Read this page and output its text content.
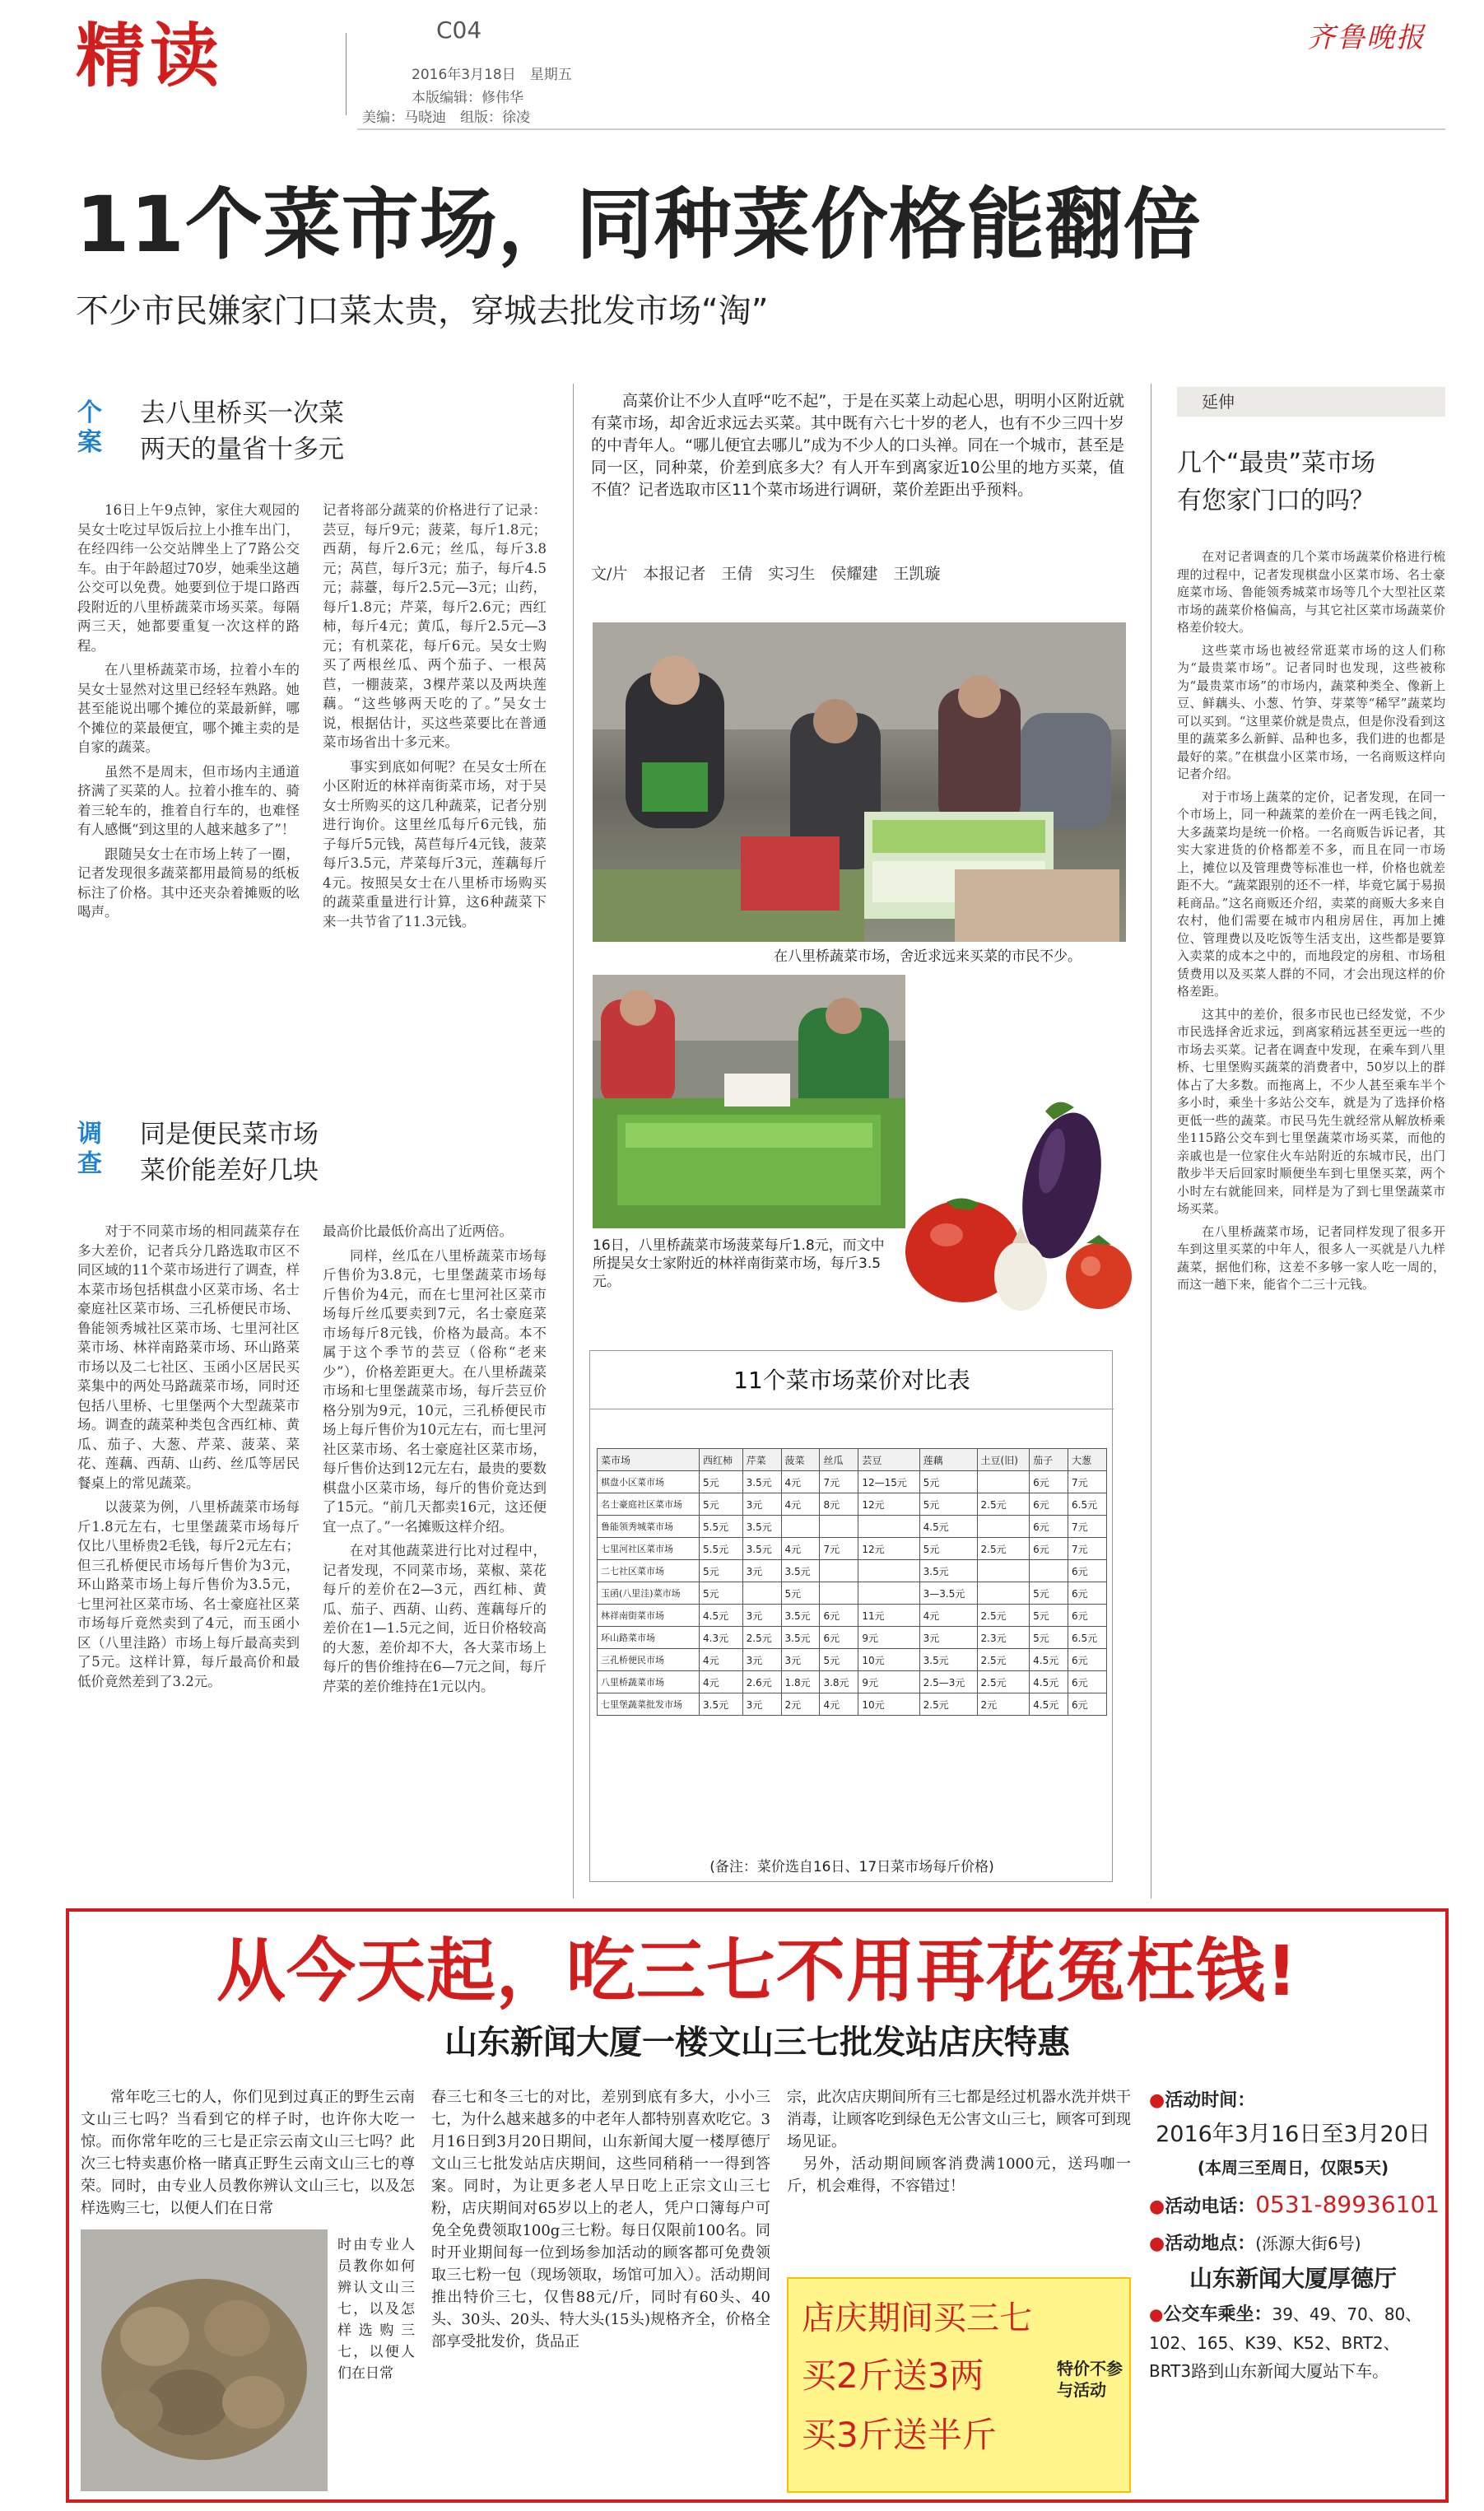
精读	C04
2016年3月18日　星期五
本版编辑：修伟华
美编：马晓迪　组版：徐凌
齐鲁晚报
11个菜市场，同种菜价格能翻倍
不少市民嫌家门口菜太贵，穿城去批发市场“淘”
个
案
去八里桥买一次菜
两天的量省十多元

16日上午9点钟，家住大观园的吴女士吃过早饭后拉上小推车出门，在经四纬一公交站牌坐上了7路公交车。由于年龄超过70岁，她乘坐这趟公交可以免费。她要到位于堤口路西段附近的八里桥蔬菜市场买菜。每隔两三天，她都要重复一次这样的路程。

在八里桥蔬菜市场，拉着小车的吴女士显然对这里已经轻车熟路。她甚至能说出哪个摊位的菜最新鲜，哪个摊位的菜最便宜，哪个摊主卖的是自家的蔬菜。

虽然不是周末，但市场内主通道挤满了买菜的人。拉着小推车的、骑着三轮车的，推着自行车的，也难怪有人感慨“到这里的人越来越多了”！

跟随吴女士在市场上转了一圈，记者发现很多蔬菜都用最简易的纸板标注了价格。其中还夹杂着摊贩的吆喝声。

记者将部分蔬菜的价格进行了记录：芸豆，每斤9元；菠菜，每斤1.8元；西葫，每斤2.6元；丝瓜，每斤3.8元；莴苣，每斤3元；茄子，每斤4.5元；蒜薹，每斤2.5元—3元；山药，每斤1.8元；芹菜，每斤2.6元；西红柿，每斤4元；黄瓜，每斤2.5元—3元；有机菜花，每斤6元。吴女士购买了两根丝瓜、两个茄子、一根莴苣，一棚菠菜，3棵芹菜以及两块莲藕。“这些够两天吃的了。”吴女士说，根据估计，买这些菜要比在普通菜市场省出十多元来。

事实到底如何呢？在吴女士所在小区附近的林祥南街菜市场，对于吴女士所购买的这几种蔬菜，记者分别进行询价。这里丝瓜每斤6元钱，茄子每斤5元钱，莴苣每斤4元钱，菠菜每斤3.5元，芹菜每斤3元，莲藕每斤4元。按照吴女士在八里桥市场购买的蔬菜重量进行计算，这6种蔬菜下来一共节省了11.3元钱。

调
查
同是便民菜市场
菜价能差好几块

对于不同菜市场的相同蔬菜存在多大差价，记者兵分几路选取市区不同区域的11个菜市场进行了调查，样本菜市场包括棋盘小区菜市场、名士豪庭社区菜市场、三孔桥便民市场、鲁能领秀城社区菜市场、七里河社区菜市场、林祥南路菜市场、环山路菜市场以及二七社区、玉函小区居民买菜集中的两处马路蔬菜市场，同时还包括八里桥、七里堡两个大型蔬菜市场。调查的蔬菜种类包含西红柿、黄瓜、茄子、大葱、芹菜、菠菜、菜花、莲藕、西葫、山药、丝瓜等居民餐桌上的常见蔬菜。

以菠菜为例，八里桥蔬菜市场每斤1.8元左右，七里堡蔬菜市场每斤仅比八里桥贵2毛钱，每斤2元左右；但三孔桥便民市场每斤售价为3元，环山路菜市场上每斤售价为3.5元，七里河社区菜市场、名士豪庭社区菜市场每斤竟然卖到了4元，而玉函小区（八里洼路）市场上每斤最高卖到了5元。这样计算，每斤最高价和最低价竟然差到了3.2元。

最高价比最低价高出了近两倍。

同样，丝瓜在八里桥蔬菜市场每斤售价为3.8元，七里堡蔬菜市场每斤售价为4元，而在七里河社区菜市场每斤丝瓜要卖到7元，名士豪庭菜市场每斤8元钱，价格为最高。本不属于这个季节的芸豆（俗称“老来少”），价格差距更大。在八里桥蔬菜市场和七里堡蔬菜市场，每斤芸豆价格分别为9元，10元，三孔桥便民市场上每斤售价为10元左右，而七里河社区菜市场、名士豪庭社区菜市场，每斤售价达到12元左右，最贵的要数棋盘小区菜市场，每斤的售价竟达到了15元。“前几天都卖16元，这还便宜一点了。”一名摊贩这样介绍。

在对其他蔬菜进行比对过程中，记者发现，不同菜市场，菜椒、菜花每斤的差价在2—3元，西红柿、黄瓜、茄子、西葫、山药、莲藕每斤的差价在1—1.5元之间，近日价格较高的大葱，差价却不大，各大菜市场上每斤的售价维持在6—7元之间，每斤芹菜的差价维持在1元以内。

高菜价让不少人直呼“吃不起”，于是在买菜上动起心思，明明小区附近就有菜市场，却舍近求远去买菜。其中既有六七十岁的老人，也有不少三四十岁的中青年人。“哪儿便宜去哪儿”成为不少人的口头禅。同在一个城市，甚至是同一区，同种菜，价差到底多大？有人开车到离家近10公里的地方买菜，值不值？记者选取市区11个菜市场进行调研，菜价差距出乎预料。

文/片　本报记者　王倩　实习生　侯耀建　王凯璇
在八里桥蔬菜市场，舍近求远来买菜的市民不少。
16日，八里桥蔬菜市场菠菜每斤1.8元，而文中所提吴女士家附近的林祥南街菜市场，每斤3.5元。
11个菜市场菜价对比表
菜市场	西红柿	芹菜	菠菜	丝瓜	芸豆	莲藕	土豆(旧)	茄子	大葱
棋盘小区菜市场	5元	3.5元	4元	7元	12—15元	5元		6元	7元
名士豪庭社区菜市场	5元	3元	4元	8元	12元	5元	2.5元	6元	6.5元
鲁能领秀城菜市场	5.5元	3.5元				4.5元		6元	7元
七里河社区菜市场	5.5元	3.5元	4元	7元	12元	5元	2.5元	6元	7元
二七社区菜市场	5元	3元	3.5元			3.5元			6元
玉函(八里洼)菜市场	5元		5元			3—3.5元		5元	6元
林祥南街菜市场	4.5元	3元	3.5元	6元	11元	4元	2.5元	5元	6元
环山路菜市场	4.3元	2.5元	3.5元	6元	9元	3元	2.3元	5元	6.5元
三孔桥便民市场	4元	3元	3元	5元	10元	3.5元	2.5元	4.5元	6元
八里桥蔬菜市场	4元	2.6元	1.8元	3.8元	9元	2.5—3元	2.5元	4.5元	6元
七里堡蔬菜批发市场	3.5元	3元	2元	4元	10元	2.5元	2元	4.5元	6元
(备注：菜价选自16日、17日菜市场每斤价格)
延伸
几个“最贵”菜市场
有您家门口的吗？

在对记者调查的几个菜市场蔬菜价格进行梳理的过程中，记者发现棋盘小区菜市场、名士豪庭菜市场、鲁能领秀城菜市场等几个大型社区菜市场的蔬菜价格偏高，与其它社区菜市场蔬菜价格差价较大。

这些菜市场也被经常逛菜市场的这人们称为“最贵菜市场”。记者同时也发现，这些被称为“最贵菜市场”的市场内，蔬菜种类全、像新上豆、鲜藕头、小葱、竹笋、芽菜等“稀罕”蔬菜均可以买到。“这里菜价就是贵点，但是你没看到这里的蔬菜多么新鲜、品种也多，我们进的也都是最好的菜。”在棋盘小区菜市场，一名商贩这样向记者介绍。

对于市场上蔬菜的定价，记者发现，在同一个市场上，同一种蔬菜的差价在一两毛钱之间，大多蔬菜均是统一价格。一名商贩告诉记者，其实大家进货的价格都差不多，而且在同一市场上，摊位以及管理费等标准也一样，价格也就差距不大。“蔬菜跟别的还不一样，毕竟它属于易损耗商品。”这名商贩还介绍，卖菜的商贩大多来自农村，他们需要在城市内租房居住，再加上摊位、管理费以及吃饭等生活支出，这些都是要算入卖菜的成本之中的，而地段定的房租、市场租赁费用以及买菜人群的不同，才会出现这样的价格差距。

这其中的差价，很多市民也已经发觉，不少市民选择舍近求远，到离家稍远甚至更远一些的市场去买菜。记者在调查中发现，在乘车到八里桥、七里堡购买蔬菜的消费者中，50岁以上的群体占了大多数。而拖离上，不少人甚至乘车半个多小时，乘坐十多站公交车，就是为了选择价格更低一些的蔬菜。市民马先生就经常从解放桥乘坐115路公交车到七里堡蔬菜市场买菜，而他的亲戚也是一位家住火车站附近的东城市民，出门散步半天后回家时顺便坐车到七里堡买菜，两个小时左右就能回来，同样是为了到七里堡蔬菜市场买菜。

在八里桥蔬菜市场，记者同样发现了很多开车到这里买菜的中年人，很多人一买就是八九样蔬菜，据他们称，这差不多够一家人吃一周的，而这一趟下来，能省个二三十元钱。

从今天起，吃三七不用再花冤枉钱!
山东新闻大厦一楼文山三七批发站店庆特惠

常年吃三七的人，你们见到过真正的野生云南文山三七吗？当看到它的样子时，也许你大吃一惊。而你常年吃的三七是正宗云南文山三七吗？此次三七特卖惠价格一睹真正野生云南文山三七的尊荣。同时，由专业人员教你辨认文山三七，以及怎样选购三七，以便人们在日常

时由专业人员教你如何辨认文山三七，以及怎样选购三七，以便人们在日常

春三七和冬三七的对比，差别到底有多大，小小三七，为什么越来越多的中老年人都特别喜欢吃它。3月16日到3月20日期间，山东新闻大厦一楼厚德厅文山三七批发站店庆期间，这些同稍稍一一得到答案。同时，为让更多老人早日吃上正宗文山三七粉，店庆期间对65岁以上的老人，凭户口簿每户可免全免费领取100g三七粉。每日仅限前100名。同时开业期间每一位到场参加活动的顾客都可免费领取三七粉一包（现场领取，场馆可加入）。活动期间推出特价三七，仅售88元/斤，同时有60头、40头、30头、20头、特大头(15头)规格齐全，价格全部享受批发价，货品正

宗，此次店庆期间所有三七都是经过机器水洗并烘干消毒，让顾客吃到绿色无公害文山三七，顾客可到现场见证。
　另外，活动期间顾客消费满1000元，送玛咖一斤，机会难得，不容错过！

店庆期间买三七
买2斤送3两
买3斤送半斤
特价不参与活动
●活动时间：
2016年3月16日至3月20日
(本周三至周日，仅限5天)
●活动电话：0531-89936101
●活动地点：(泺源大街6号)
山东新闻大厦厚德厅
●公交车乘坐：39、49、70、80、102、165、K39、K52、BRT2、BRT3路到山东新闻大厦站下车。
